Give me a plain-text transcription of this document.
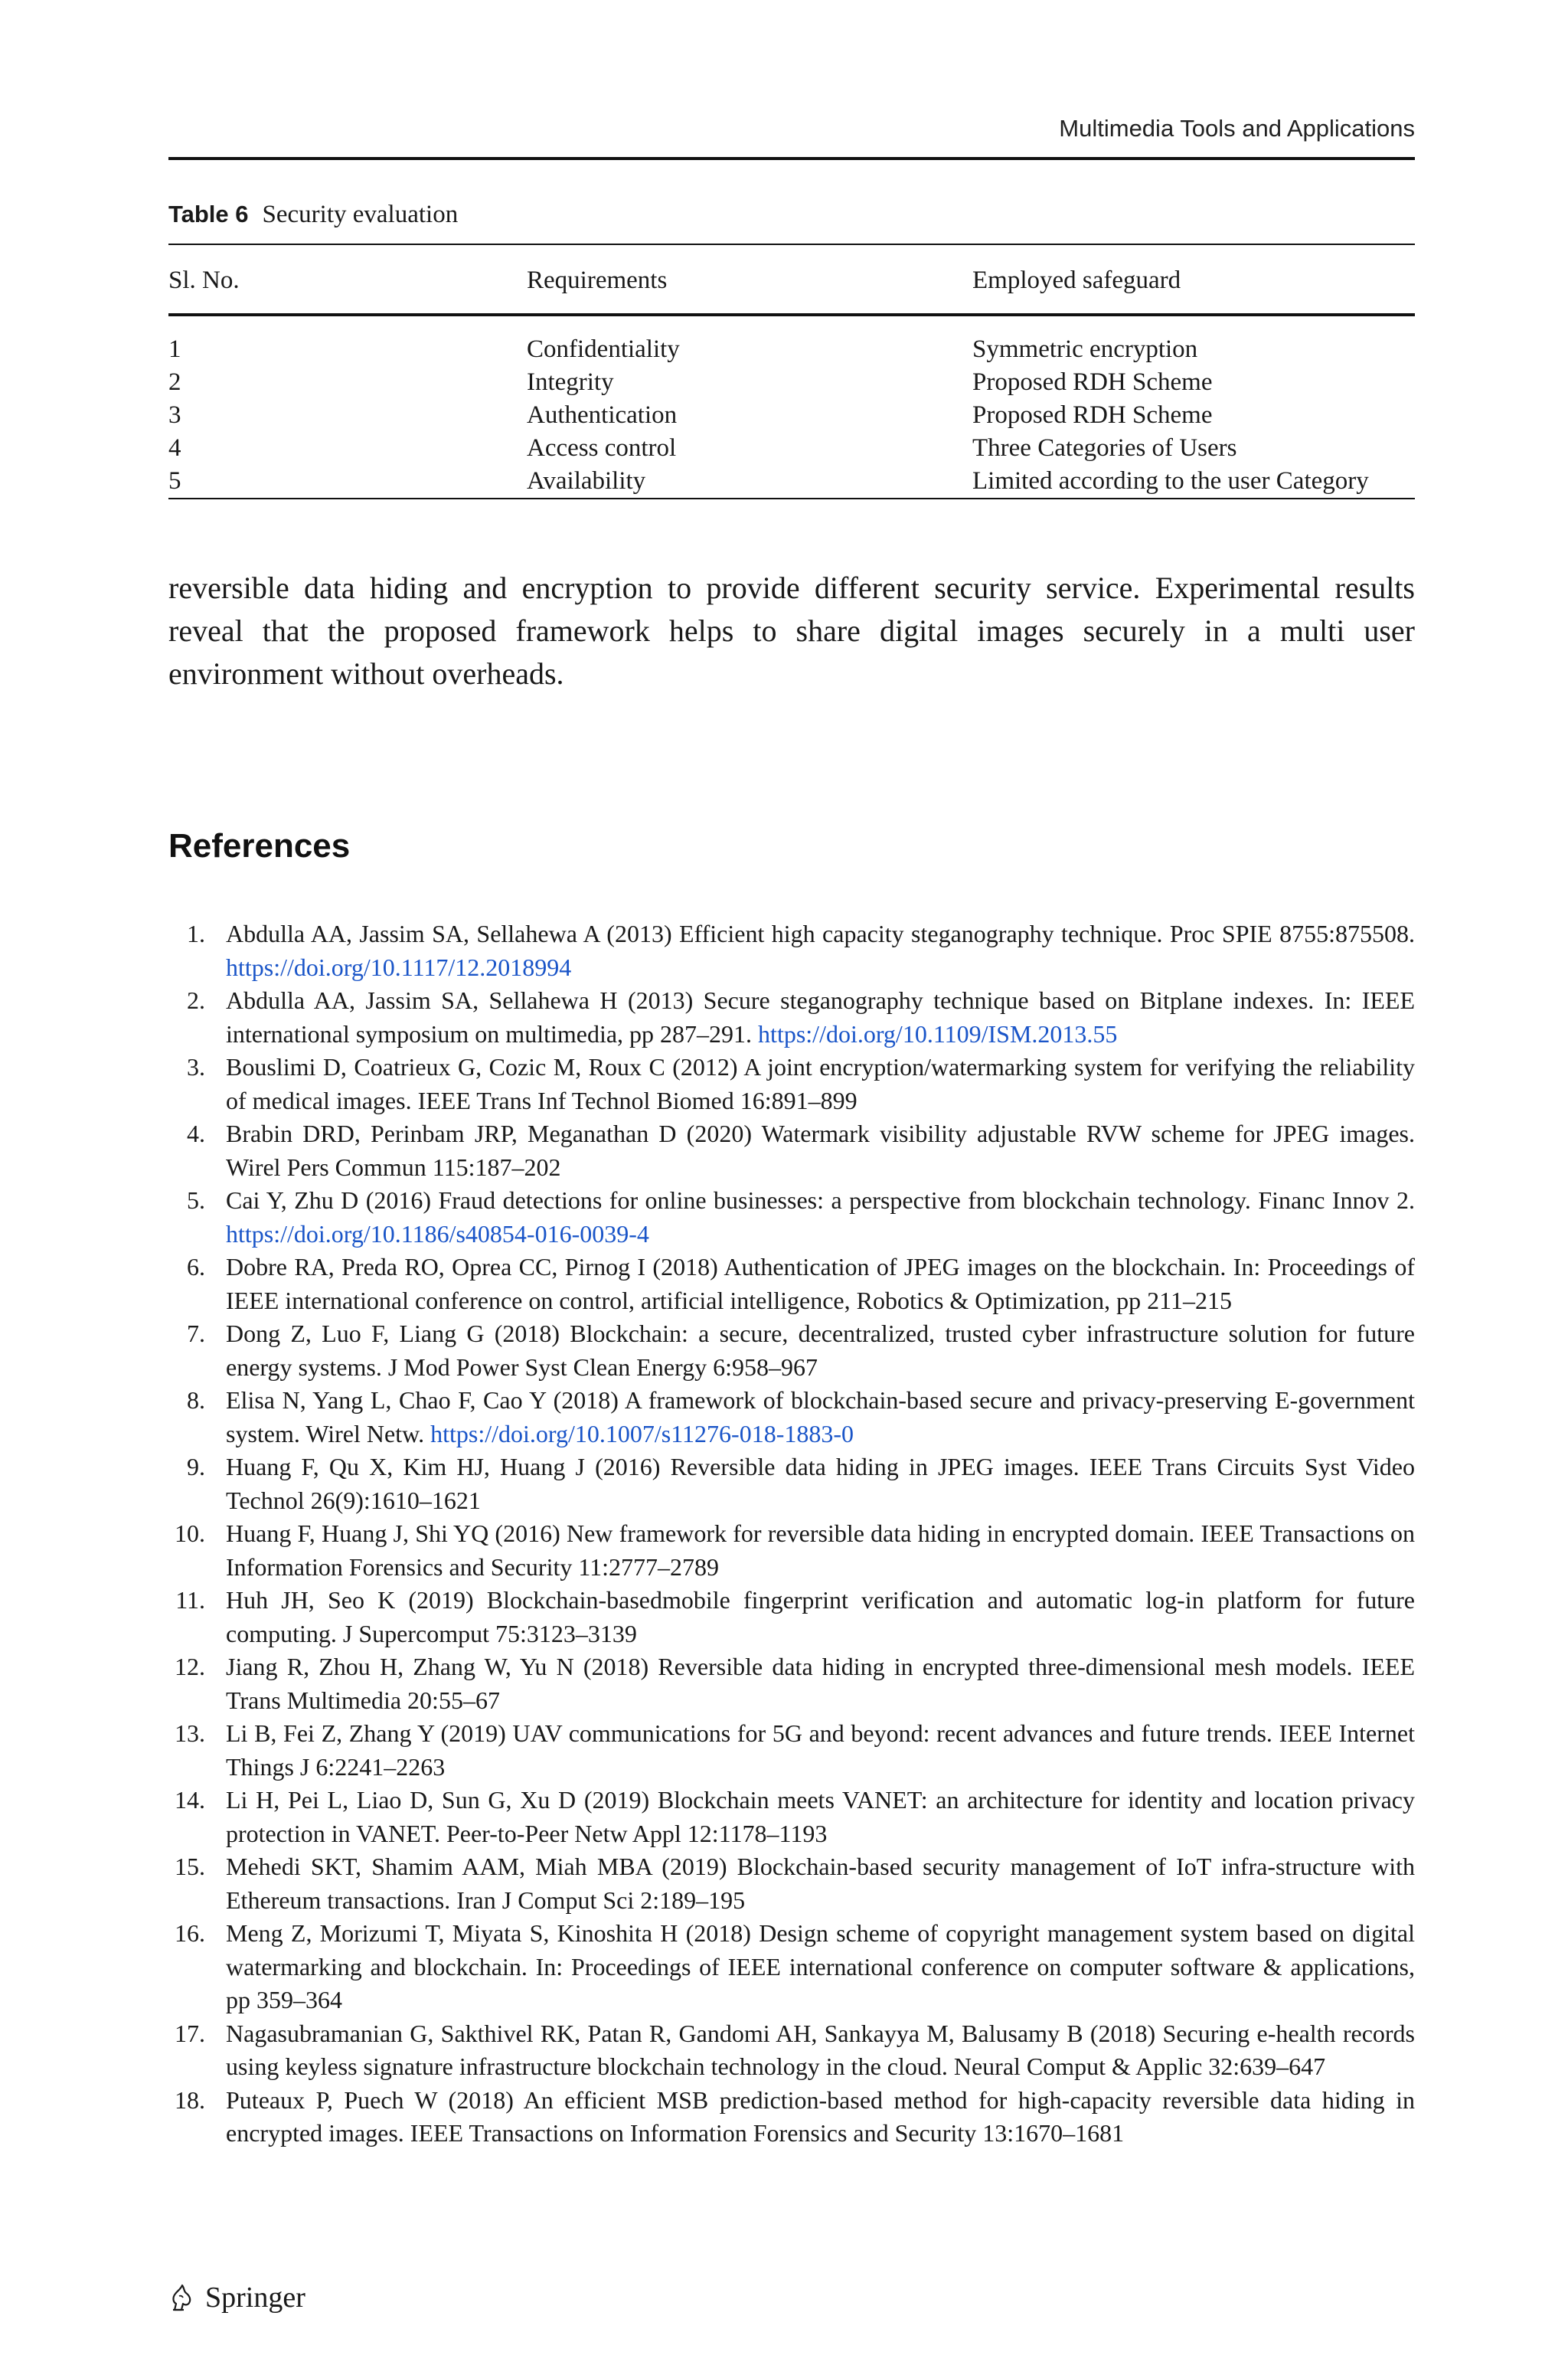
Multimedia Tools and Applications
Table 6 Security evaluation
Sl. No.	Requirements	Employed safeguard
1	Confidentiality	Symmetric encryption
2	Integrity	Proposed RDH Scheme
3	Authentication	Proposed RDH Scheme
4	Access control	Three Categories of Users
5	Availability	Limited according to the user Category

reversible data hiding and encryption to provide different security service. Experimental results reveal that the proposed framework helps to share digital images securely in a multi user environment without overheads.

References
1. Abdulla AA, Jassim SA, Sellahewa A (2013) Efficient high capacity steganography technique. Proc SPIE 8755:875508. https://doi.org/10.1117/12.2018994
2. Abdulla AA, Jassim SA, Sellahewa H (2013) Secure steganography technique based on Bitplane indexes. In: IEEE international symposium on multimedia, pp 287–291. https://doi.org/10.1109/ISM.2013.55
3. Bouslimi D, Coatrieux G, Cozic M, Roux C (2012) A joint encryption/watermarking system for verifying the reliability of medical images. IEEE Trans Inf Technol Biomed 16:891–899
4. Brabin DRD, Perinbam JRP, Meganathan D (2020) Watermark visibility adjustable RVW scheme for JPEG images. Wirel Pers Commun 115:187–202
5. Cai Y, Zhu D (2016) Fraud detections for online businesses: a perspective from blockchain technology. Financ Innov 2. https://doi.org/10.1186/s40854-016-0039-4
6. Dobre RA, Preda RO, Oprea CC, Pirnog I (2018) Authentication of JPEG images on the blockchain. In: Proceedings of IEEE international conference on control, artificial intelligence, Robotics & Optimization, pp 211–215
7. Dong Z, Luo F, Liang G (2018) Blockchain: a secure, decentralized, trusted cyber infrastructure solution for future energy systems. J Mod Power Syst Clean Energy 6:958–967
8. Elisa N, Yang L, Chao F, Cao Y (2018) A framework of blockchain-based secure and privacy-preserving E-government system. Wirel Netw. https://doi.org/10.1007/s11276-018-1883-0
9. Huang F, Qu X, Kim HJ, Huang J (2016) Reversible data hiding in JPEG images. IEEE Trans Circuits Syst Video Technol 26(9):1610–1621
10. Huang F, Huang J, Shi YQ (2016) New framework for reversible data hiding in encrypted domain. IEEE Transactions on Information Forensics and Security 11:2777–2789
11. Huh JH, Seo K (2019) Blockchain-basedmobile fingerprint verification and automatic log-in platform for future computing. J Supercomput 75:3123–3139
12. Jiang R, Zhou H, Zhang W, Yu N (2018) Reversible data hiding in encrypted three-dimensional mesh models. IEEE Trans Multimedia 20:55–67
13. Li B, Fei Z, Zhang Y (2019) UAV communications for 5G and beyond: recent advances and future trends. IEEE Internet Things J 6:2241–2263
14. Li H, Pei L, Liao D, Sun G, Xu D (2019) Blockchain meets VANET: an architecture for identity and location privacy protection in VANET. Peer-to-Peer Netw Appl 12:1178–1193
15. Mehedi SKT, Shamim AAM, Miah MBA (2019) Blockchain-based security management of IoT infra-structure with Ethereum transactions. Iran J Comput Sci 2:189–195
16. Meng Z, Morizumi T, Miyata S, Kinoshita H (2018) Design scheme of copyright management system based on digital watermarking and blockchain. In: Proceedings of IEEE international conference on computer software & applications, pp 359–364
17. Nagasubramanian G, Sakthivel RK, Patan R, Gandomi AH, Sankayya M, Balusamy B (2018) Securing e-health records using keyless signature infrastructure blockchain technology in the cloud. Neural Comput & Applic 32:639–647
18. Puteaux P, Puech W (2018) An efficient MSB prediction-based method for high-capacity reversible data hiding in encrypted images. IEEE Transactions on Information Forensics and Security 13:1670–1681
Springer
